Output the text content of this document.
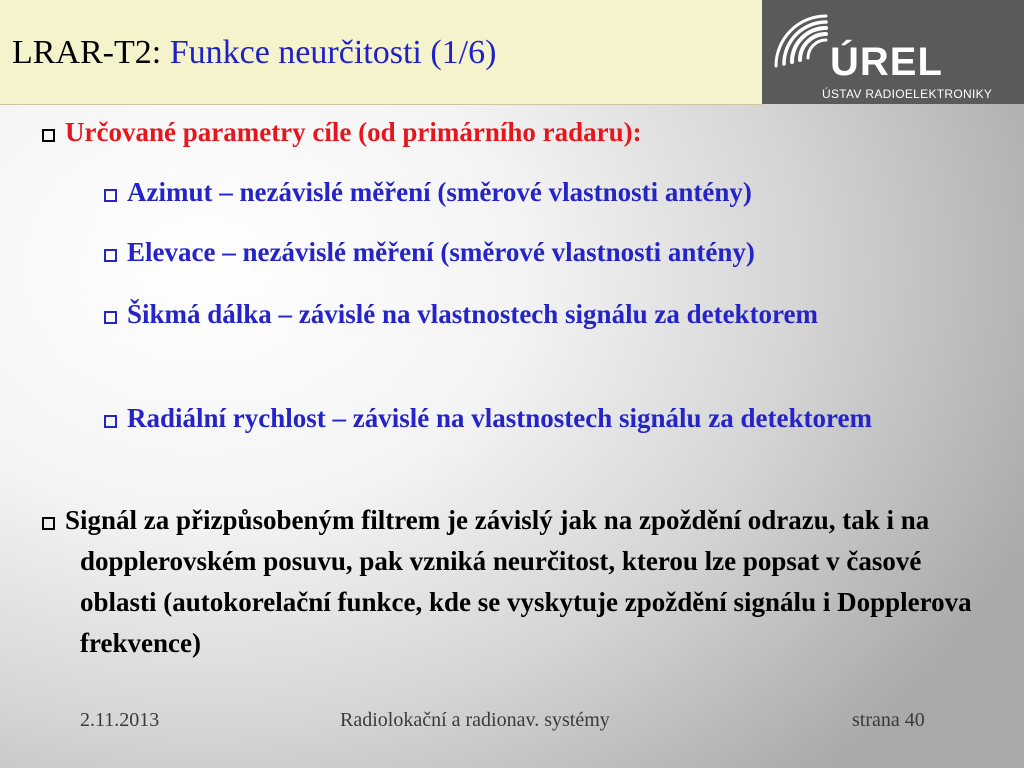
LRAR-T2: Funkce neurčitosti (1/6)	ÚREL
ÚSTAV RADIOELEKTRONIKY
Určované parametry cíle (od primárního radaru):
Azimut – nezávislé měření (směrové vlastnosti antény)
Elevace – nezávislé měření (směrové vlastnosti antény)
Šikmá dálka – závislé na vlastnostech signálu za detektorem
Radiální rychlost – závislé na vlastnostech signálu za detektorem
Signál za přizpůsobeným filtrem je závislý jak na zpoždění odrazu, tak i na dopplerovském posuvu, pak vzniká neurčitost, kterou lze popsat v časové oblasti (autokorelační funkce, kde se vyskytuje zpoždění signálu i Dopplerova frekvence)
2.11.2013	Radiolokační a radionav. systémy	strana 40
